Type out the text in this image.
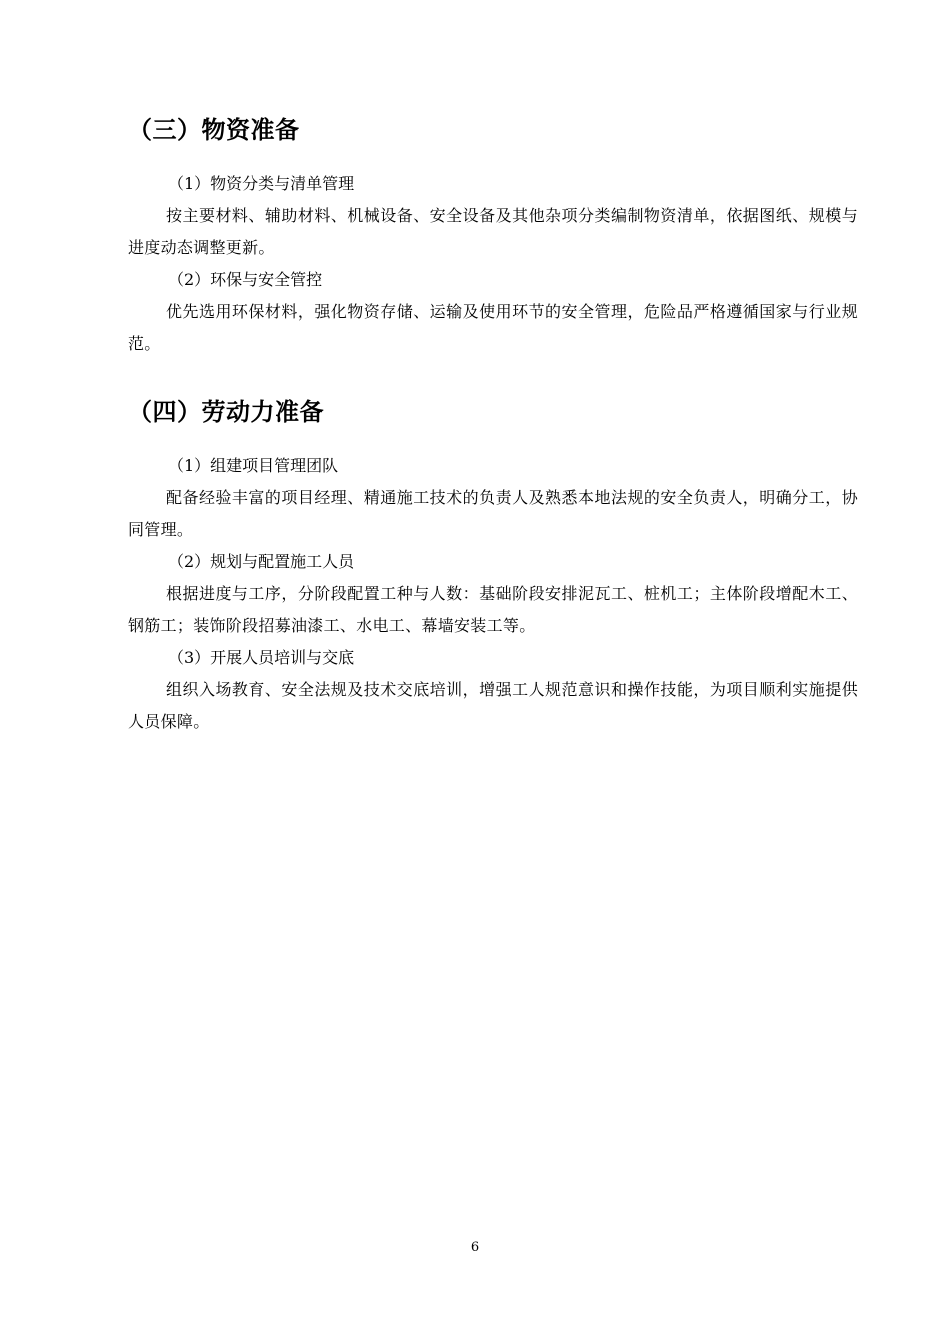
（三）物资准备

（1）物资分类与清单管理

按主要材料、辅助材料、机械设备、安全设备及其他杂项分类编制物资清单，依据图纸、规模与进度动态调整更新。

（2）环保与安全管控

优先选用环保材料，强化物资存储、运输及使用环节的安全管理，危险品严格遵循国家与行业规范。

（四）劳动力准备

（1）组建项目管理团队

配备经验丰富的项目经理、精通施工技术的负责人及熟悉本地法规的安全负责人，明确分工，协同管理。

（2）规划与配置施工人员

根据进度与工序，分阶段配置工种与人数：基础阶段安排泥瓦工、桩机工；主体阶段增配木工、钢筋工；装饰阶段招募油漆工、水电工、幕墙安装工等。

（3）开展人员培训与交底

组织入场教育、安全法规及技术交底培训，增强工人规范意识和操作技能，为项目顺利实施提供人员保障。

6
